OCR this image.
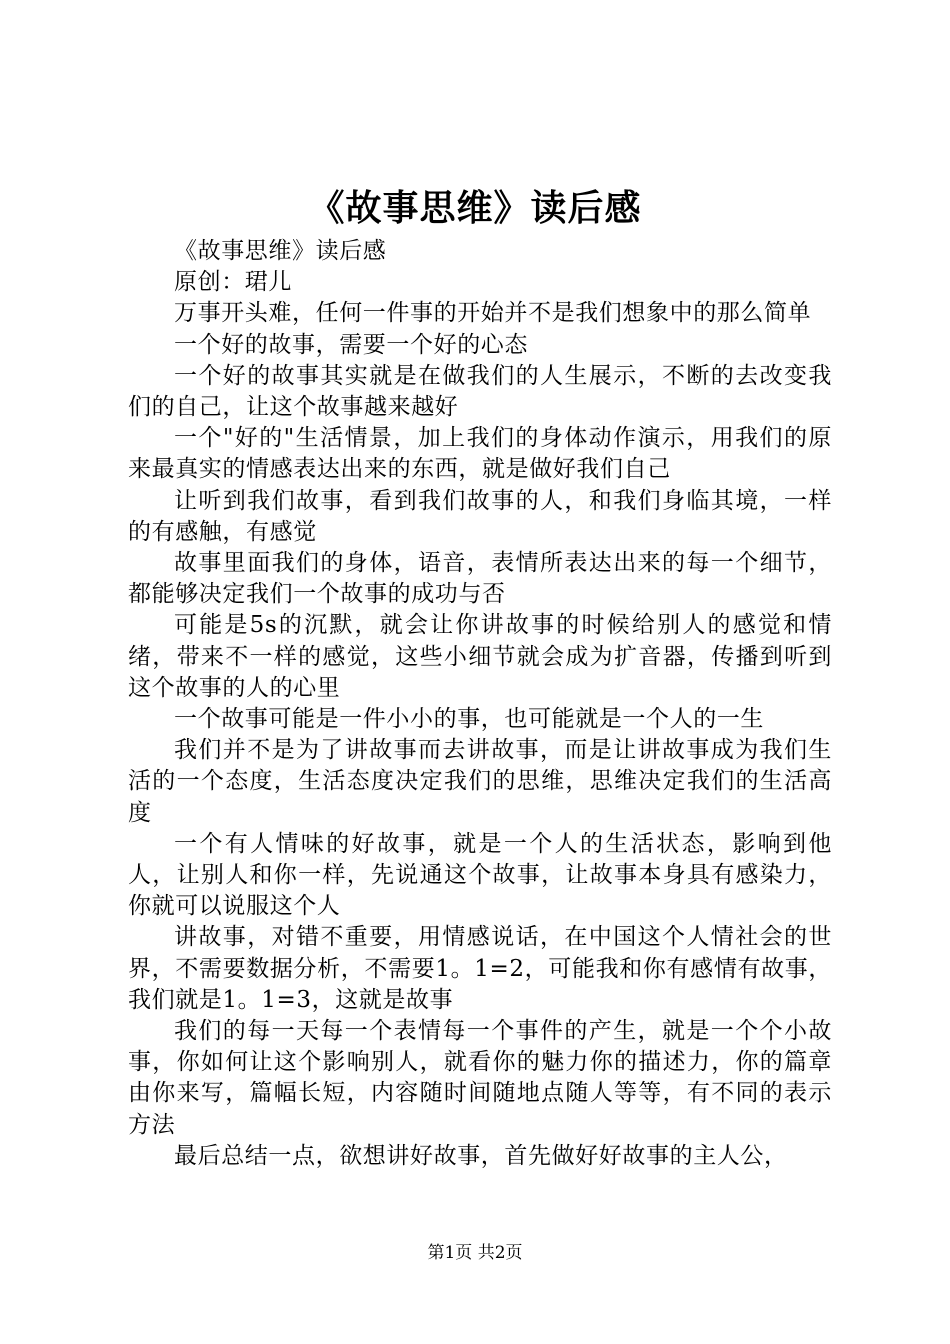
《故事思维》读后感

《故事思维》读后感

原创：珺儿

万事开头难，任何一件事的开始并不是我们想象中的那么简单

一个好的故事，需要一个好的心态

一个好的故事其实就是在做我们的人生展示，不断的去改变我们的自己，让这个故事越来越好

一个"好的"生活情景，加上我们的身体动作演示，用我们的原来最真实的情感表达出来的东西，就是做好我们自己

让听到我们故事，看到我们故事的人，和我们身临其境，一样的有感触，有感觉

故事里面我们的身体，语音，表情所表达出来的每一个细节，都能够决定我们一个故事的成功与否

可能是5s的沉默，就会让你讲故事的时候给别人的感觉和情绪，带来不一样的感觉，这些小细节就会成为扩音器，传播到听到这个故事的人的心里

一个故事可能是一件小小的事，也可能就是一个人的一生

我们并不是为了讲故事而去讲故事，而是让讲故事成为我们生活的一个态度，生活态度决定我们的思维，思维决定我们的生活高度

一个有人情味的好故事，就是一个人的生活状态，影响到他人，让别人和你一样，先说通这个故事，让故事本身具有感染力，你就可以说服这个人

讲故事，对错不重要，用情感说话，在中国这个人情社会的世界，不需要数据分析，不需要1。1=2，可能我和你有感情有故事，我们就是1。1=3，这就是故事

我们的每一天每一个表情每一个事件的产生，就是一个个小故事，你如何让这个影响别人，就看你的魅力你的描述力，你的篇章由你来写，篇幅长短，内容随时间随地点随人等等，有不同的表示方法

最后总结一点，欲想讲好故事，首先做好好故事的主人公，

第1页 共2页
